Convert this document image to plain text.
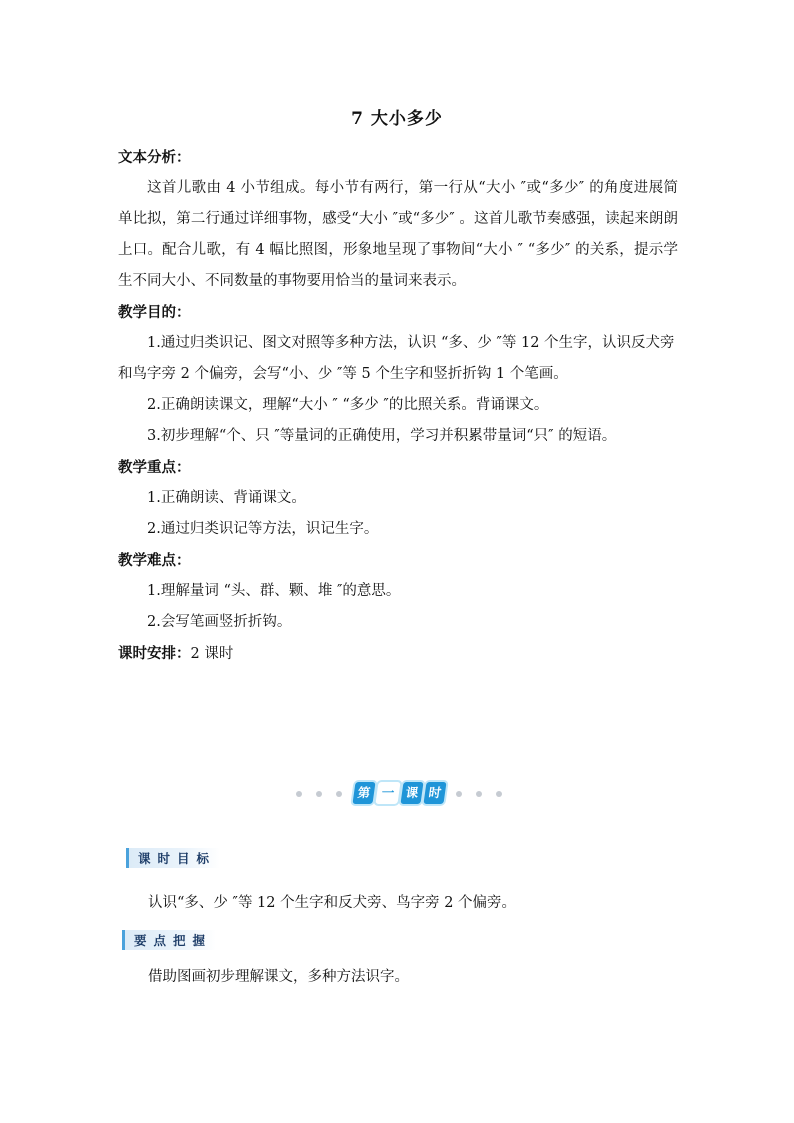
7 大小多少

文本分析：

这首儿歌由 4 小节组成。每小节有两行，第一行从“大小 ″或“多少″ 的角度进展简单比拟，第二行通过详细事物，感受“大小 ″或“多少″ 。这首儿歌节奏感强，读起来朗朗上口。配合儿歌，有 4 幅比照图，形象地呈现了事物间“大小 ″ “多少″ 的关系，提示学生不同大小、不同数量的事物要用恰当的量词来表示。

教学目的：

1.通过归类识记、图文对照等多种方法，认识 “多、少 ″等 12 个生字，认识反犬旁和鸟字旁 2 个偏旁，会写“小、少 ″等 5 个生字和竖折折钩 1 个笔画。

2.正确朗读课文，理解“大小 ″ “多少 ″的比照关系。背诵课文。

3.初步理解“个、只 ″等量词的正确使用，学习并积累带量词“只″ 的短语。

教学重点：

1.正确朗读、背诵课文。

2.通过归类识记等方法，识记生字。

教学难点：

1.理解量词 “头、群、颗、堆 ″的意思。

2.会写笔画竖折折钩。

课时安排：2 课时

第 一 课 时
课时目标
认识“多、少 ″等 12 个生字和反犬旁、鸟字旁 2 个偏旁。
要点把握
借助图画初步理解课文，多种方法识字。
